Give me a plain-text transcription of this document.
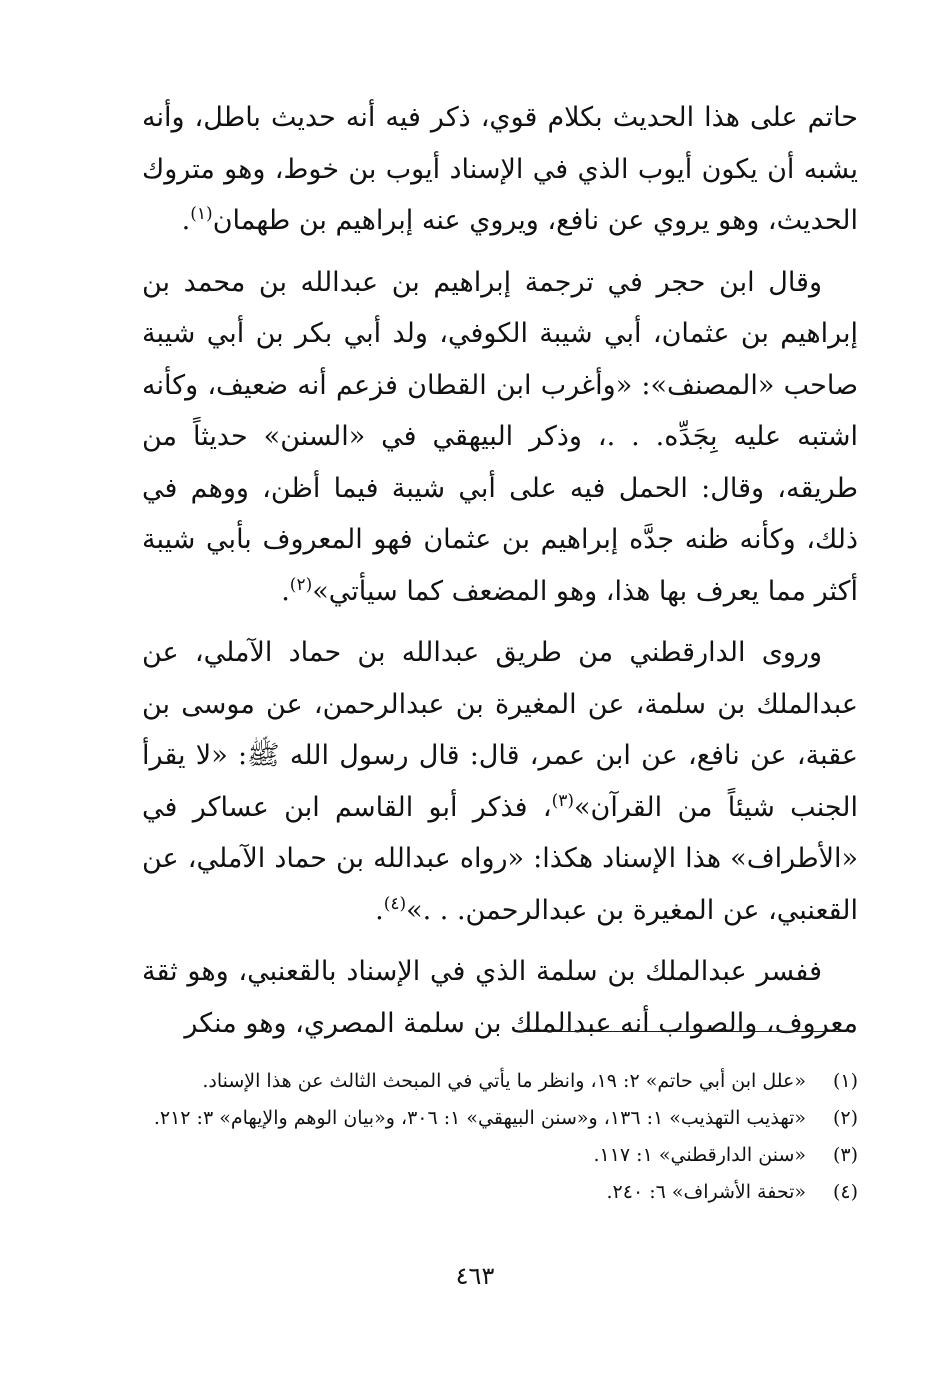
حاتم على هذا الحديث بكلام قوي، ذكر فيه أنه حديث باطل، وأنه يشبه أن يكون أيوب الذي في الإسناد أيوب بن خوط، وهو متروك الحديث، وهو يروي عن نافع، ويروي عنه إبراهيم بن طهمان$^{(١)}$.

وقال ابن حجر في ترجمة إبراهيم بن عبدالله بن محمد بن إبراهيم بن عثمان، أبي شيبة الكوفي، ولد أبي بكر بن أبي شيبة صاحب «المصنف»: «وأغرب ابن القطان فزعم أنه ضعيف، وكأنه اشتبه عليه بِجَدِّه. . .، وذكر البيهقي في «السنن» حديثاً من طريقه، وقال: الحمل فيه على أبي شيبة فيما أظن، ووهم في ذلك، وكأنه ظنه جدَّه إبراهيم بن عثمان فهو المعروف بأبي شيبة أكثر مما يعرف بها هذا، وهو المضعف كما سيأتي»$^{(٢)}$.

وروى الدارقطني من طريق عبدالله بن حماد الآملي، عن عبدالملك بن سلمة، عن المغيرة بن عبدالرحمن، عن موسى بن عقبة، عن نافع، عن ابن عمر، قال: قال رسول الله ﷺ: «لا يقرأ الجنب شيئاً من القرآن»$^{(٣)}$، فذكر أبو القاسم ابن عساكر في «الأطراف» هذا الإسناد هكذا: «رواه عبدالله بن حماد الآملي، عن القعنبي، عن المغيرة بن عبدالرحمن. . .»$^{(٤)}$.

ففسر عبدالملك بن سلمة الذي في الإسناد بالقعنبي، وهو ثقة معروف، والصواب أنه عبدالملك بن سلمة المصري، وهو منكر

(١)
«علل ابن أبي حاتم» ٢: ١٩، وانظر ما يأتي في المبحث الثالث عن هذا الإسناد.
(٢)
«تهذيب التهذيب» ١: ١٣٦، و«سنن البيهقي» ١: ٣٠٦، و«بيان الوهم والإيهام» ٣: ٢١٢.
(٣)
«سنن الدارقطني» ١: ١١٧.
(٤)
«تحفة الأشراف» ٦: ٢٤٠.
٤٦٣
